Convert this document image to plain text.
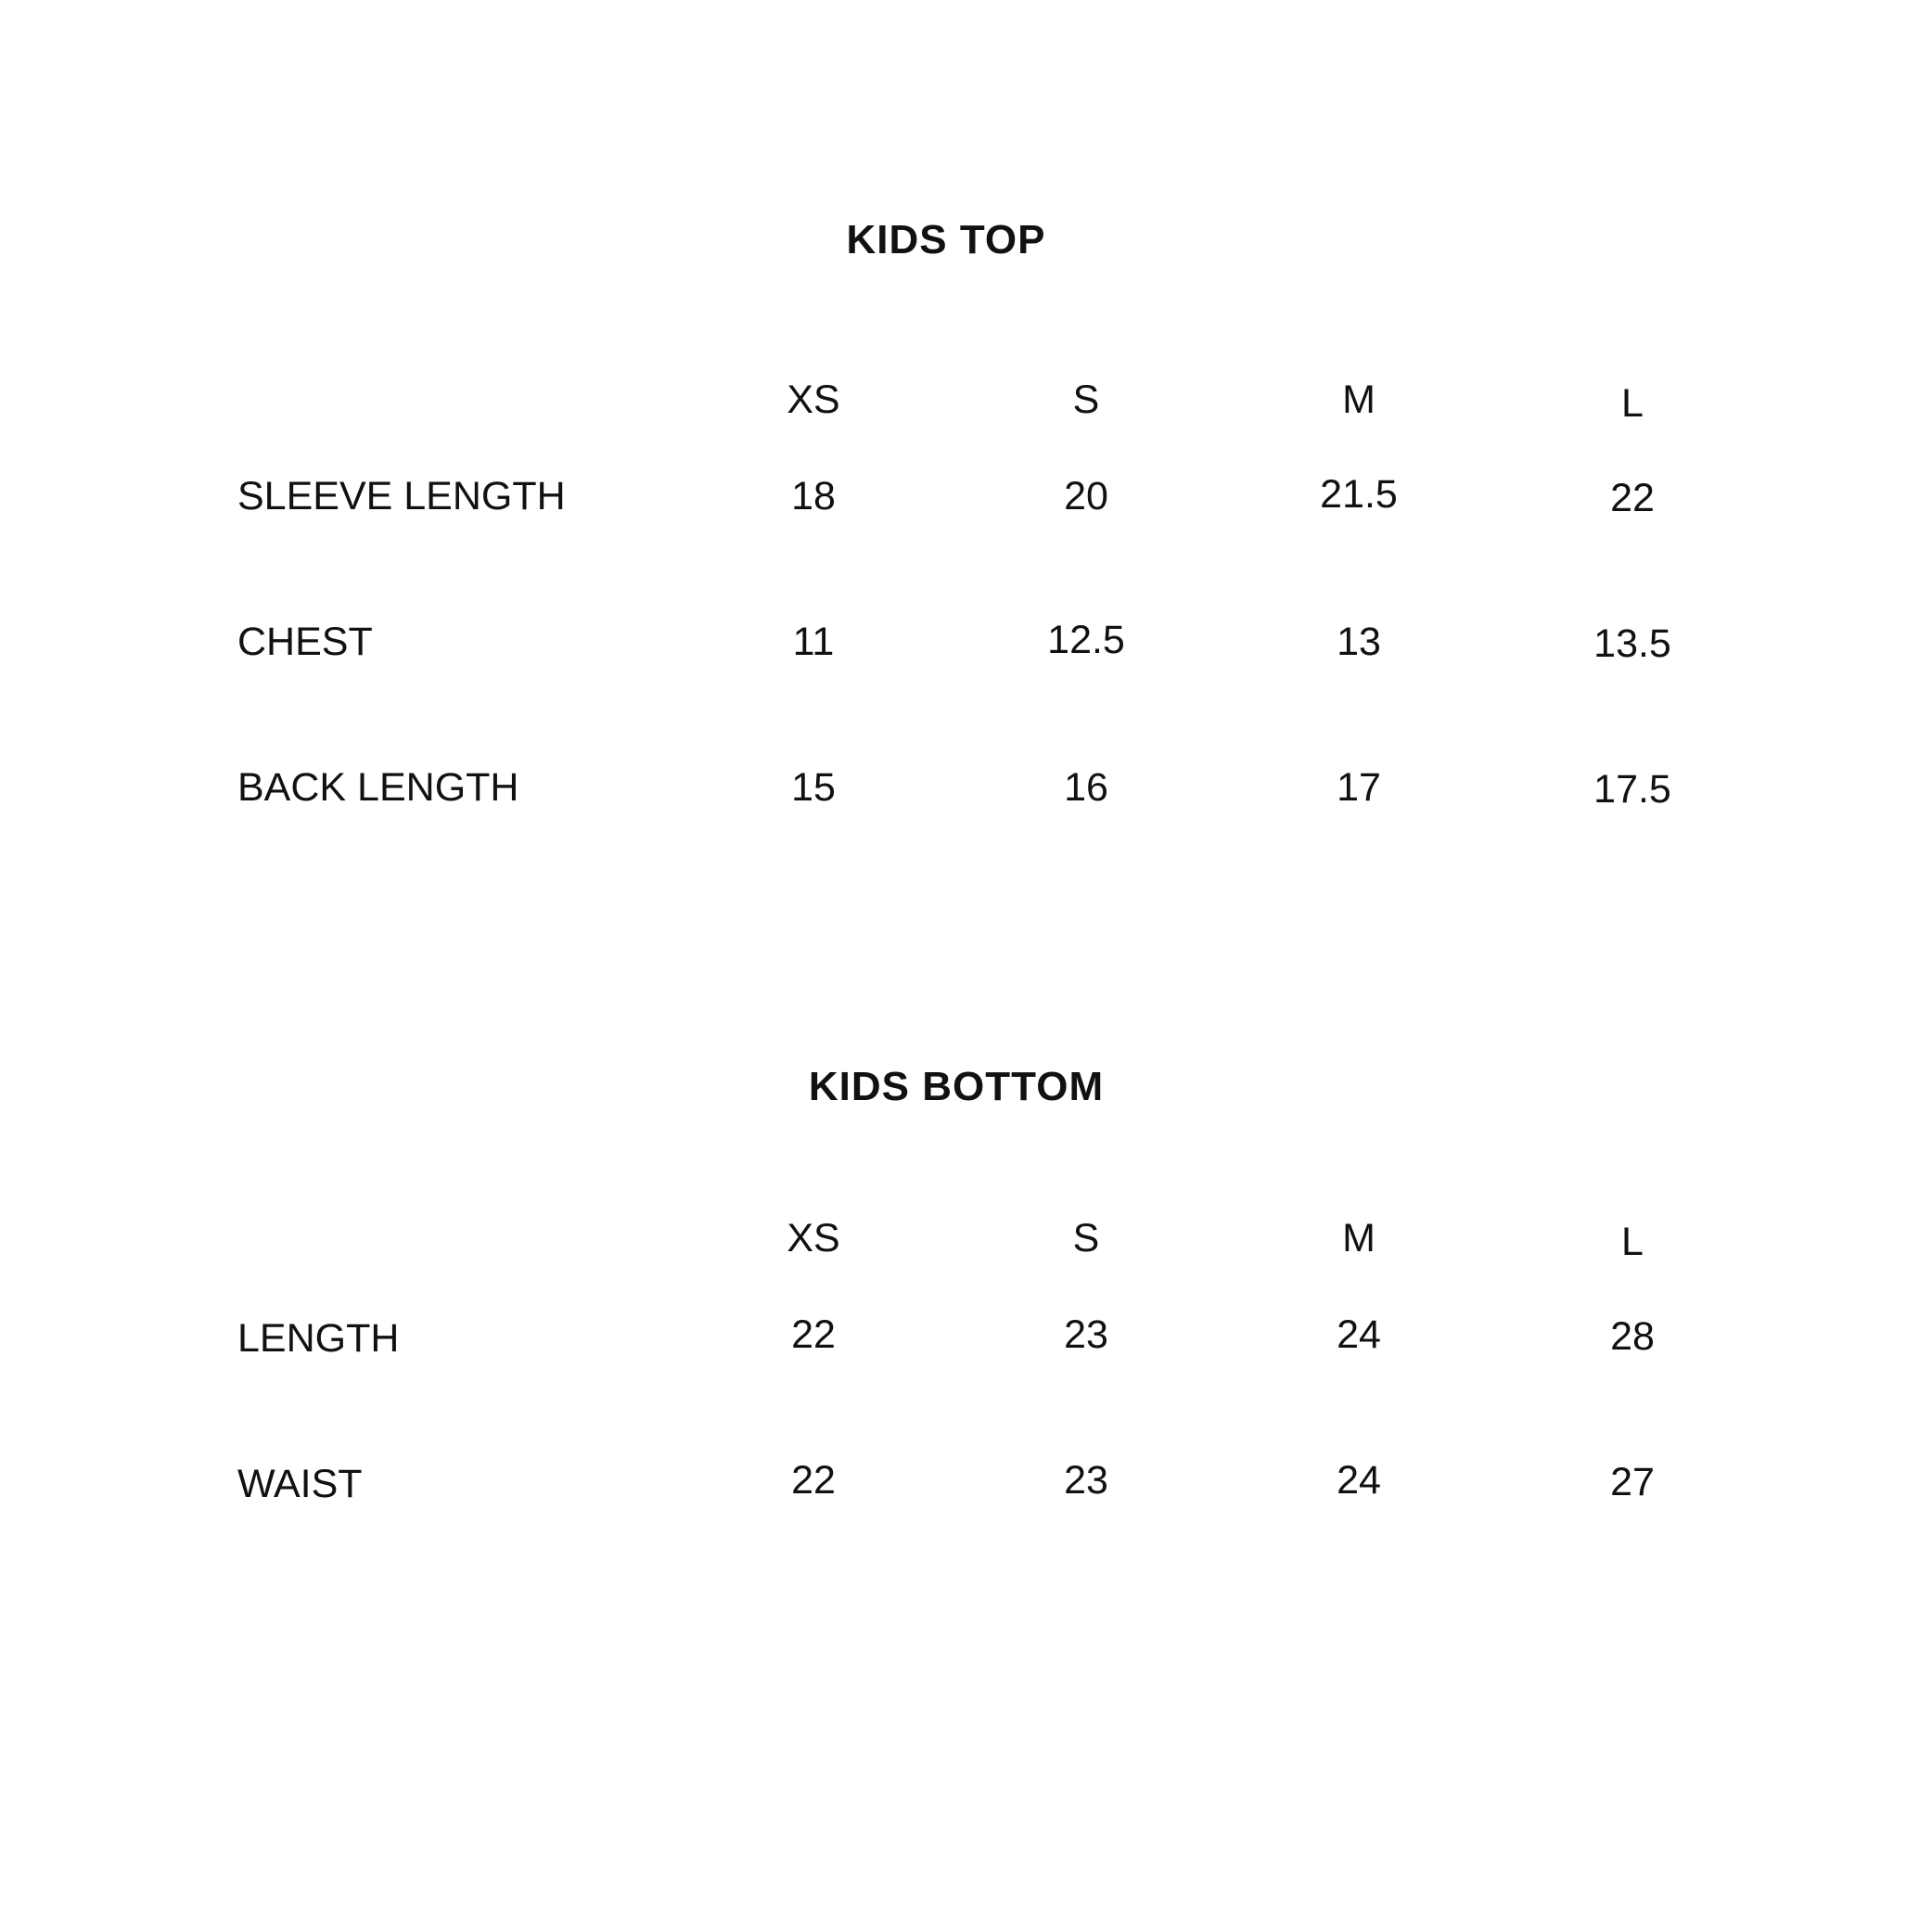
KIDS TOP
XS	S	M	L
SLEEVE LENGTH	18	20	21.5	22
CHEST	11	12.5	13	13.5
BACK LENGTH	15	16	17	17.5
KIDS BOTTOM
XS	S	M	L
LENGTH	22	23	24	28
WAIST	22	23	24	27
